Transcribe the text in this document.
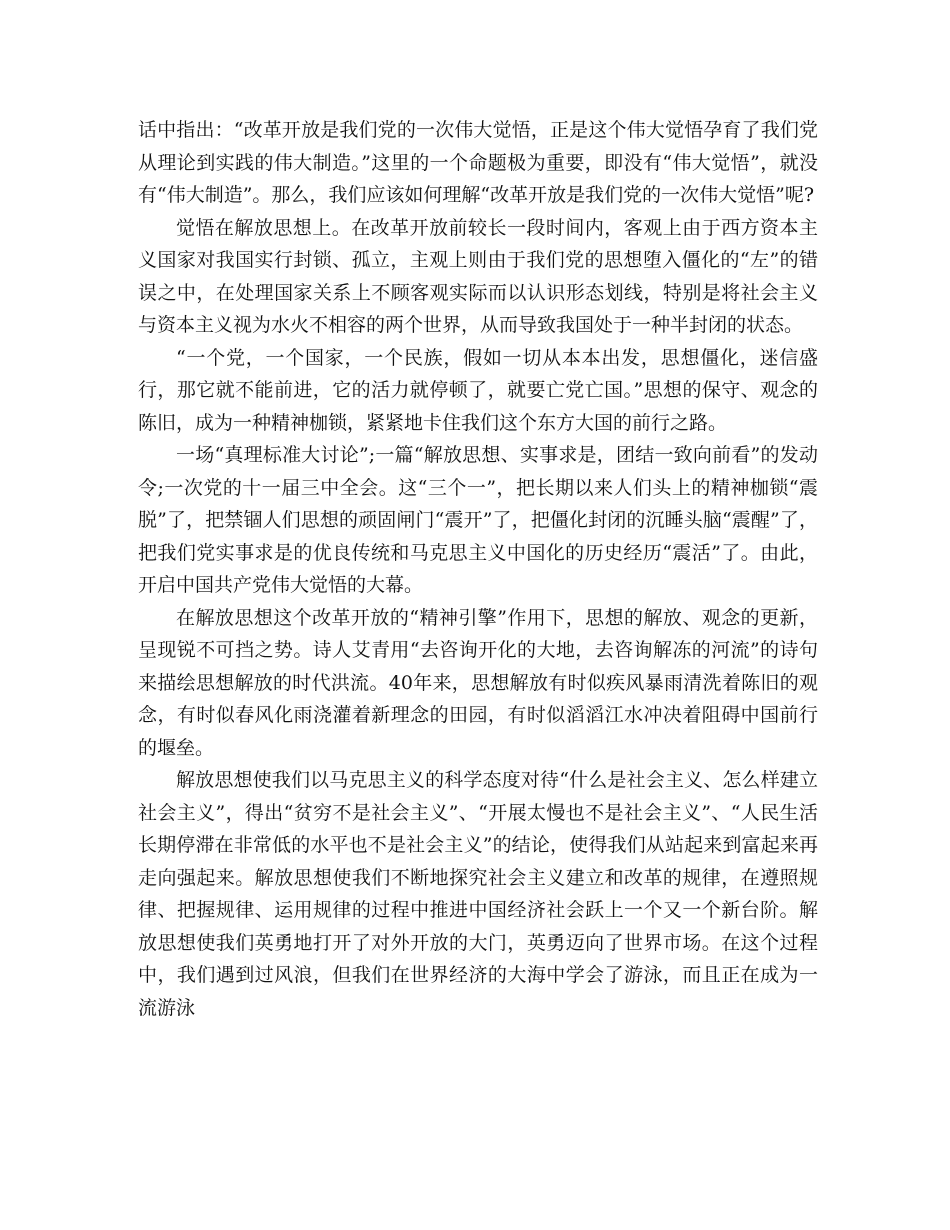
话中指出：“改革开放是我们党的一次伟大觉悟，正是这个伟大觉悟孕育了我们党从理论到实践的伟大制造。”这里的一个命题极为重要，即没有“伟大觉悟”，就没有“伟大制造”。那么，我们应该如何理解“改革开放是我们党的一次伟大觉悟”呢?

觉悟在解放思想上。在改革开放前较长一段时间内，客观上由于西方资本主义国家对我国实行封锁、孤立，主观上则由于我们党的思想堕入僵化的“左”的错误之中，在处理国家关系上不顾客观实际而以认识形态划线，特别是将社会主义与资本主义视为水火不相容的两个世界，从而导致我国处于一种半封闭的状态。

“一个党，一个国家，一个民族，假如一切从本本出发，思想僵化，迷信盛行，那它就不能前进，它的活力就停顿了，就要亡党亡国。”思想的保守、观念的陈旧，成为一种精神枷锁，紧紧地卡住我们这个东方大国的前行之路。

一场“真理标准大讨论”;一篇“解放思想、实事求是，团结一致向前看”的发动令;一次党的十一届三中全会。这“三个一”，把长期以来人们头上的精神枷锁“震脱”了，把禁锢人们思想的顽固闸门“震开”了，把僵化封闭的沉睡头脑“震醒”了，把我们党实事求是的优良传统和马克思主义中国化的历史经历“震活”了。由此，开启中国共产党伟大觉悟的大幕。

在解放思想这个改革开放的“精神引擎”作用下，思想的解放、观念的更新，呈现锐不可挡之势。诗人艾青用“去咨询开化的大地，去咨询解冻的河流”的诗句来描绘思想解放的时代洪流。40年来，思想解放有时似疾风暴雨清洗着陈旧的观念，有时似春风化雨浇灌着新理念的田园，有时似滔滔江水冲决着阻碍中国前行的堰垒。

解放思想使我们以马克思主义的科学态度对待“什么是社会主义、怎么样建立社会主义”，得出“贫穷不是社会主义”、“开展太慢也不是社会主义”、“人民生活长期停滞在非常低的水平也不是社会主义”的结论，使得我们从站起来到富起来再走向强起来。解放思想使我们不断地探究社会主义建立和改革的规律，在遵照规律、把握规律、运用规律的过程中推进中国经济社会跃上一个又一个新台阶。解放思想使我们英勇地打开了对外开放的大门，英勇迈向了世界市场。在这个过程中，我们遇到过风浪，但我们在世界经济的大海中学会了游泳，而且正在成为一流游泳
